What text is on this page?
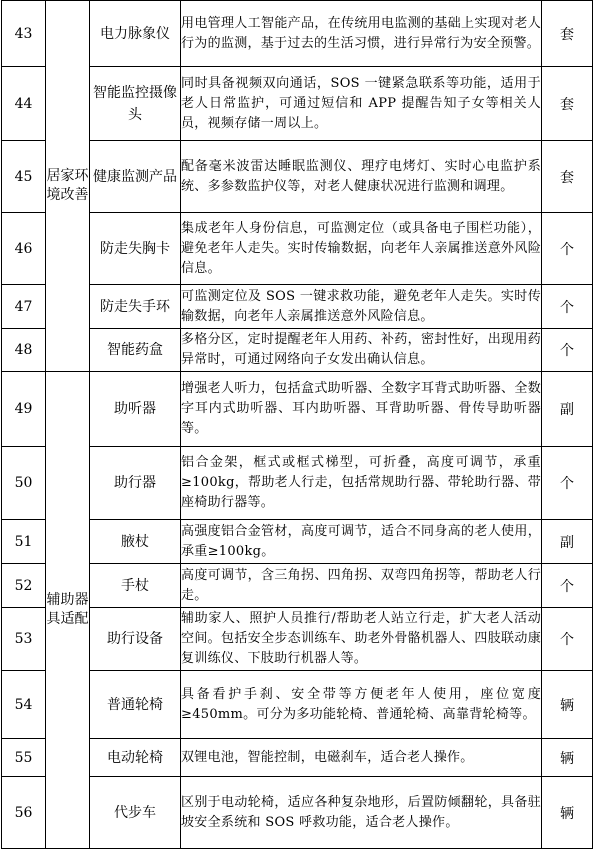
43	居家环境改善	电力脉象仪	用电管理人工智能产品，在传统用电监测的基础上实现对老人行为的监测，基于过去的生活习惯，进行异常行为安全预警。	套
44		智能监控摄像头	同时具备视频双向通话，SOS 一键紧急联系等功能，适用于老人日常监护，可通过短信和 APP 提醒告知子女等相关人员，视频存储一周以上。	套
45		健康监测产品	配备毫米波雷达睡眠监测仪、理疗电烤灯、实时心电监护系统、多参数监护仪等，对老人健康状况进行监测和调理。	套
46		防走失胸卡	集成老年人身份信息，可监测定位（或具备电子围栏功能），避免老年人走失。实时传输数据，向老年人亲属推送意外风险信息。	个
47		防走失手环	可监测定位及 SOS 一键求救功能，避免老年人走失。实时传输数据，向老年人亲属推送意外风险信息。	个
48		智能药盒	多格分区，定时提醒老年人用药、补药，密封性好，出现用药异常时，可通过网络向子女发出确认信息。	个
49	辅助器具适配	助听器	增强老人听力，包括盒式助听器、全数字耳背式助听器、全数字耳内式助听器、耳内助听器、耳背助听器、骨传导助听器等。	副
50		助行器	铝合金架，框式或框式梯型，可折叠，高度可调节，承重≥100kg，帮助老人行走，包括常规助行器、带轮助行器、带座椅助行器等。	个
51		腋杖	高强度铝合金管材，高度可调节，适合不同身高的老人使用，承重≥100kg。	副
52		手杖	高度可调节，含三角拐、四角拐、双弯四角拐等，帮助老人行走。	个
53		助行设备	辅助家人、照护人员推行/帮助老人站立行走，扩大老人活动空间。包括安全步态训练车、助老外骨骼机器人、四肢联动康复训练仪、下肢助行机器人等。	个
54		普通轮椅	具备看护手刹、安全带等方便老年人使用，座位宽度≥450mm。可分为多功能轮椅、普通轮椅、高靠背轮椅等。	辆
55		电动轮椅	双锂电池，智能控制，电磁刹车，适合老人操作。	辆
56		代步车	区别于电动轮椅，适应各种复杂地形，后置防倾翻轮，具备驻坡安全系统和 SOS 呼救功能，适合老人操作。	辆
